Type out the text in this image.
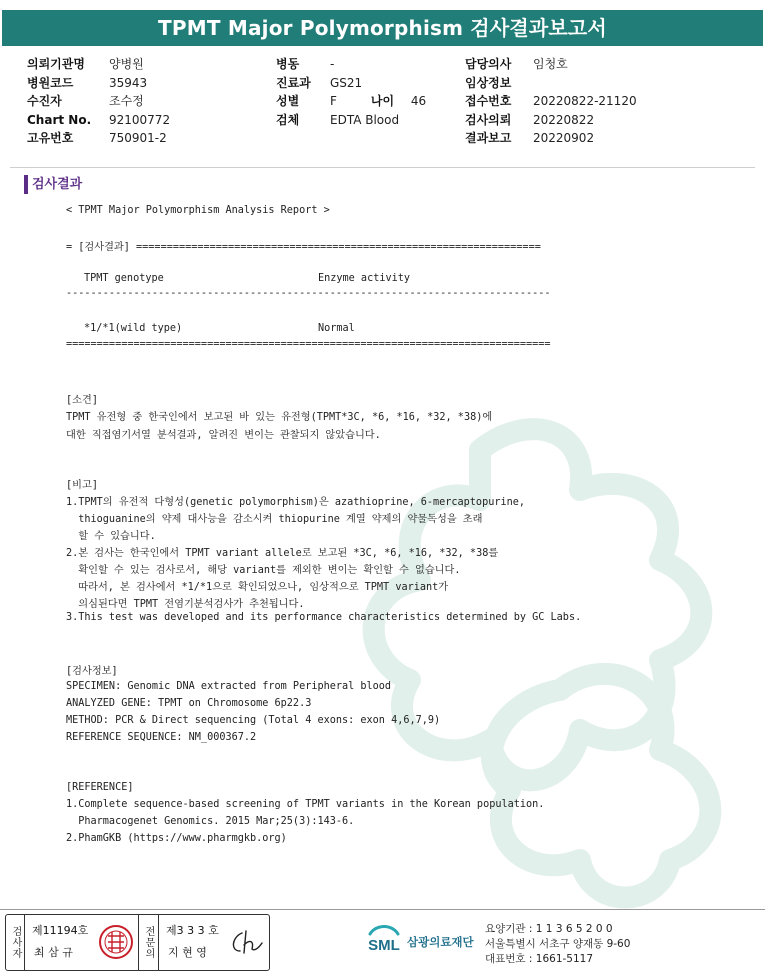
TPMT Major Polymorphism 검사결과보고서
의뢰기관명	양병원
병원코드	35943
수진자	조수정
Chart No.	92100772
고유번호	750901-2
병동	-
진료과	GS21
성별	F	나이	46
검체	EDTA Blood
담당의사	임청호
임상정보
접수번호	20220822-21120
검사의뢰	20220822
결과보고	20220902
검사결과
< TPMT Major Polymorphism Analysis Report >
= [검사결과] ==================================================================
TPMT genotype	Enzyme activity
-------------------------------------------------------------------------------
*1/*1(wild type)	Normal
===============================================================================
[소견]
TPMT 유전형 중 한국인에서 보고된 바 있는 유전형(TPMT*3C, *6, *16, *32, *38)에
대한 직접염기서열 분석결과, 알려진 변이는 관찰되지 않았습니다.
[비고]
1.TPMT의 유전적 다형성(genetic polymorphism)은 azathioprine, 6-mercaptopurine,
thioguanine의 약제 대사능을 감소시켜 thiopurine 계열 약제의 약물독성을 초래
할 수 있습니다.
2.본 검사는 한국인에서 TPMT variant allele로 보고된 *3C, *6, *16, *32, *38를
확인할 수 있는 검사로서, 해당 variant를 제외한 변이는 확인할 수 없습니다.
따라서, 본 검사에서 *1/*1으로 확인되었으나, 임상적으로 TPMT variant가
의심된다면 TPMT 전염기분석검사가 추천됩니다.
3.This test was developed and its performance characteristics determined by GC Labs.
[검사정보]
SPECIMEN: Genomic DNA extracted from Peripheral blood
ANALYZED GENE: TPMT on Chromosome 6p22.3
METHOD: PCR & Direct sequencing (Total 4 exons: exon 4,6,7,9)
REFERENCE SEQUENCE: NM_000367.2
[REFERENCE]
1.Complete sequence-based screening of TPMT variants in the Korean population.
Pharmacogenet Genomics. 2015 Mar;25(3):143-6.
2.PhamGKB (https://www.pharmgkb.org)
검사자 제11194호
최 삼 규	전문의 제3 3 3 호
지 현 영	SML 삼광의료재단
요양기관 : 1 1 3 6 5 2 0 0
서울특별시 서초구 양재동 9-60
대표번호 : 1661-5117
